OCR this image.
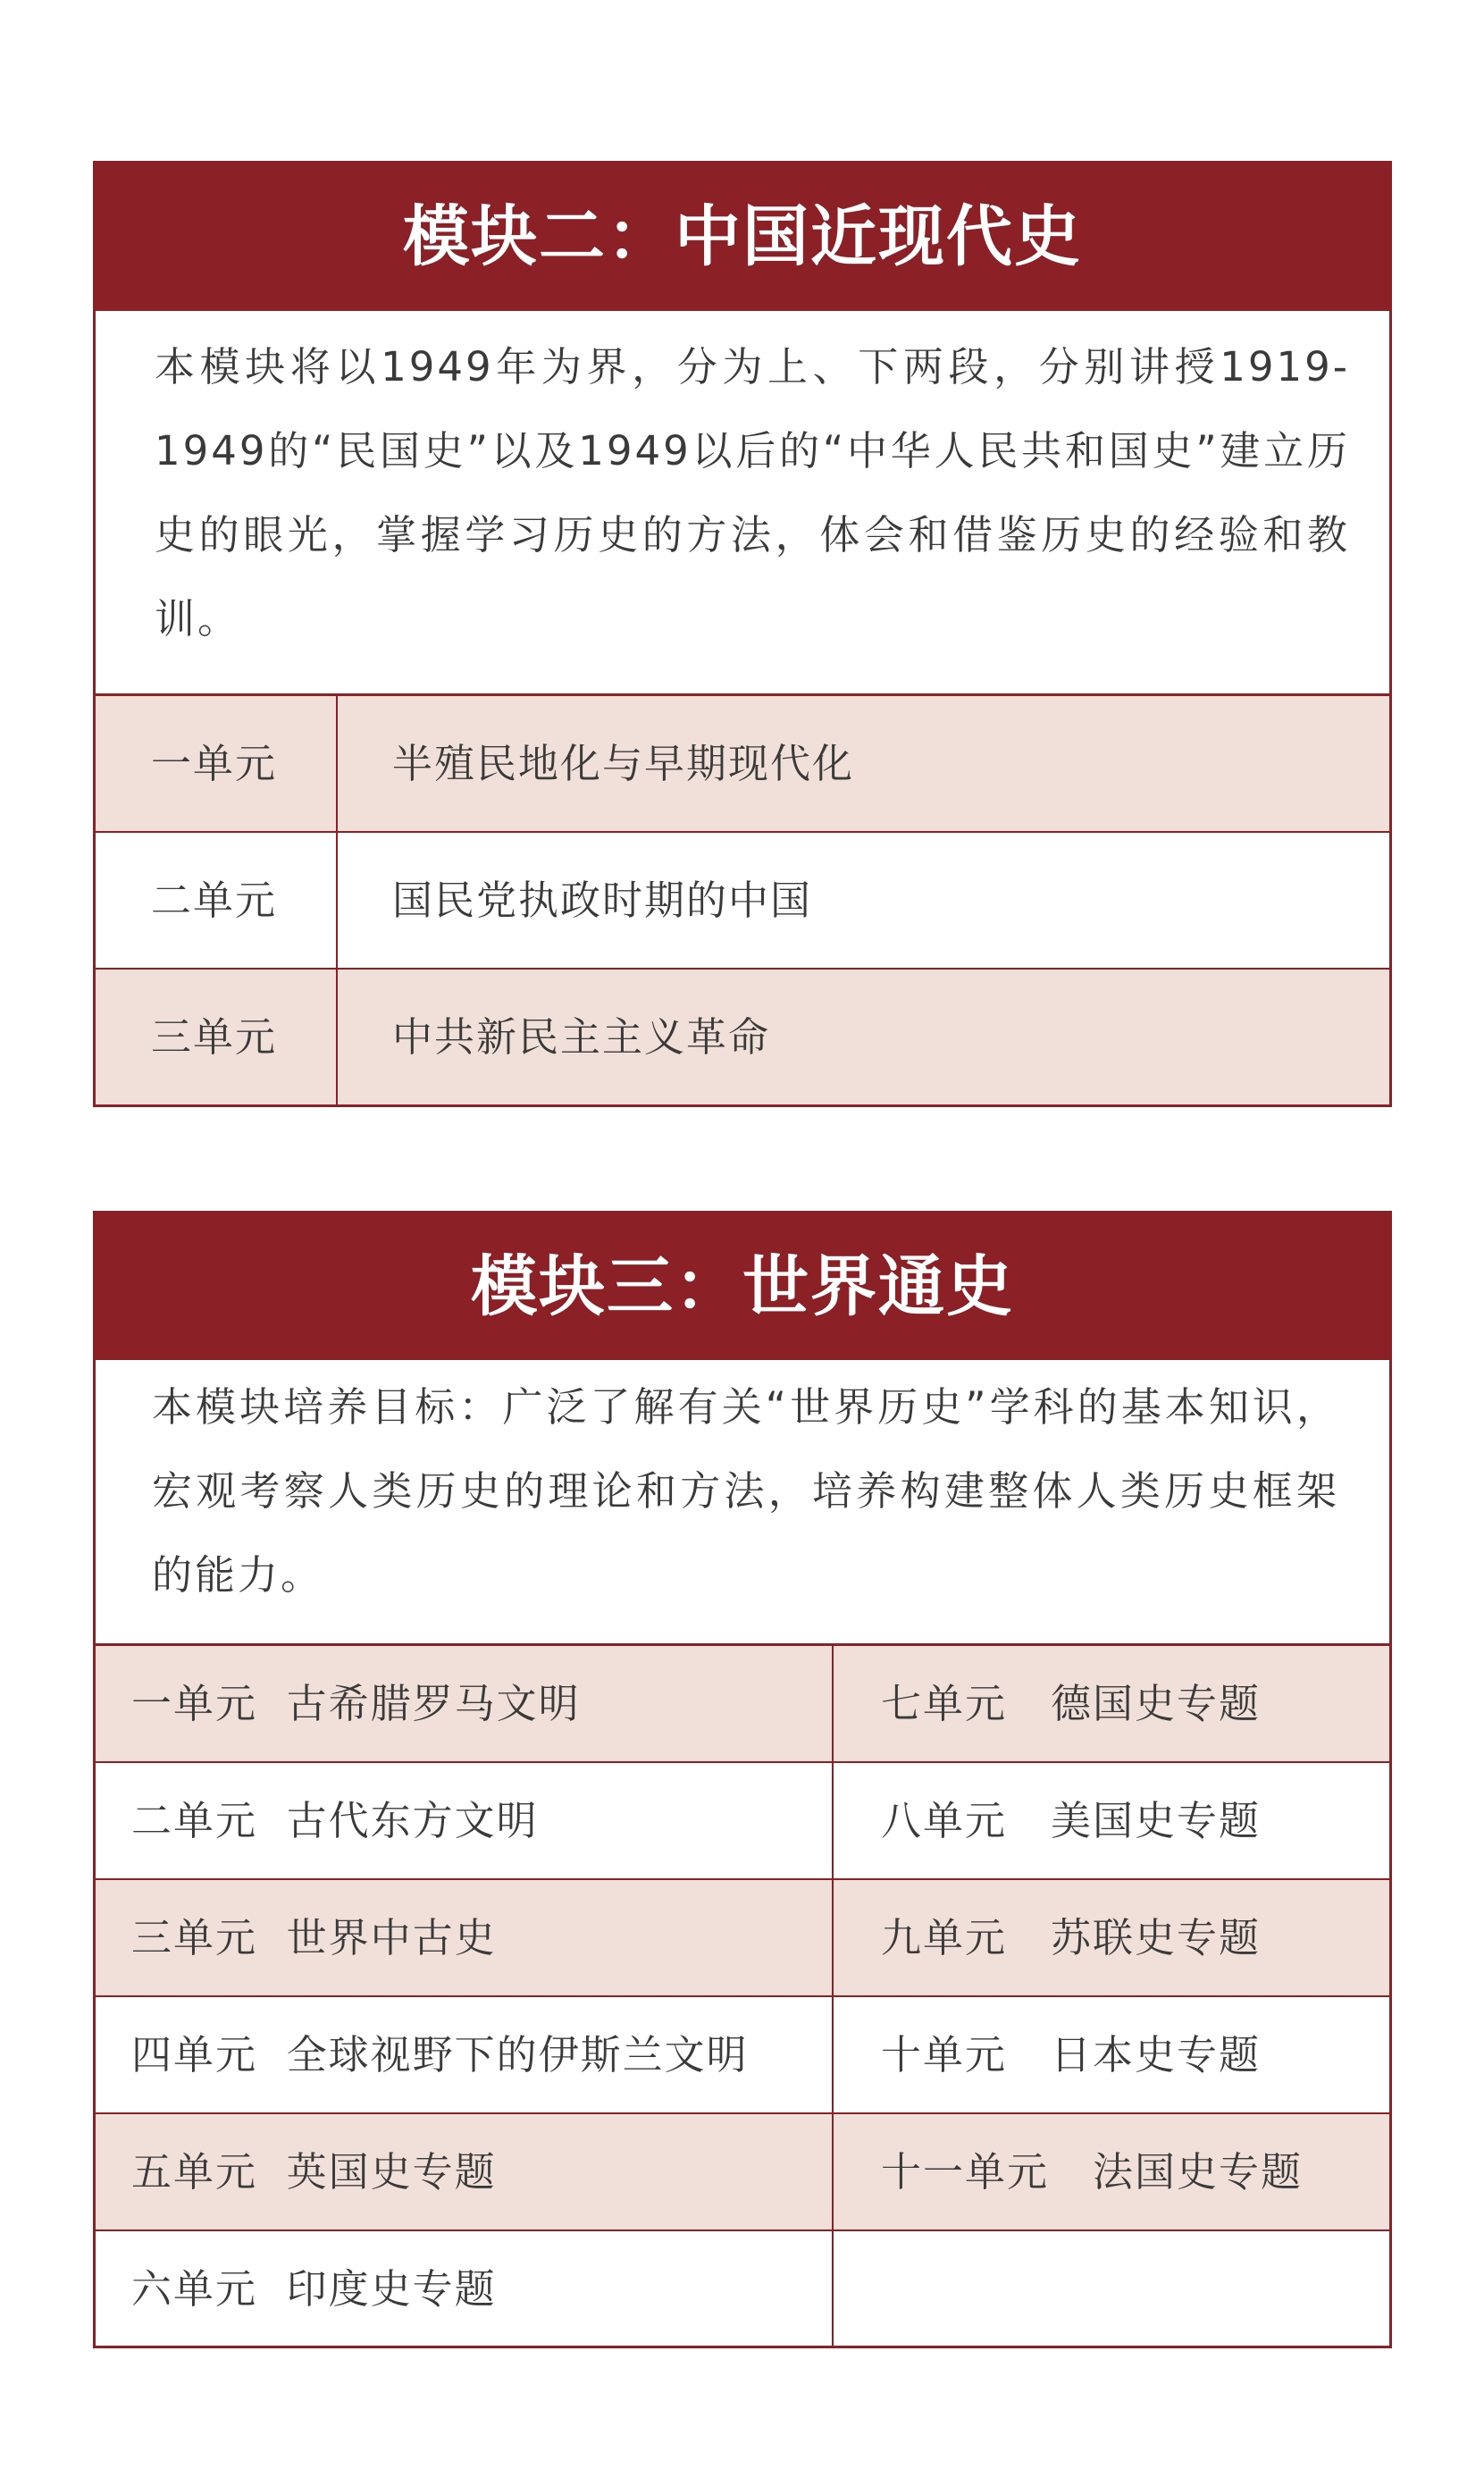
模块二：中国近现代史
本模块将以1949年为界，分为上、下两段，分别讲授1919-1949的“民国史”以及1949以后的“中华人民共和国史”建立历史的眼光，掌握学习历史的方法，体会和借鉴历史的经验和教训。
一单元	半殖民地化与早期现代化
二单元	国民党执政时期的中国
三单元	中共新民主主义革命
模块三：世界通史
本模块培养目标：广泛了解有关“世界历史”学科的基本知识，宏观考察人类历史的理论和方法，培养构建整体人类历史框架的能力。
一单元 古希腊罗马文明	七单元 德国史专题
二单元 古代东方文明	八单元 美国史专题
三单元 世界中古史	九单元 苏联史专题
四单元 全球视野下的伊斯兰文明	十单元 日本史专题
五单元 英国史专题	十一单元 法国史专题
六单元 印度史专题
